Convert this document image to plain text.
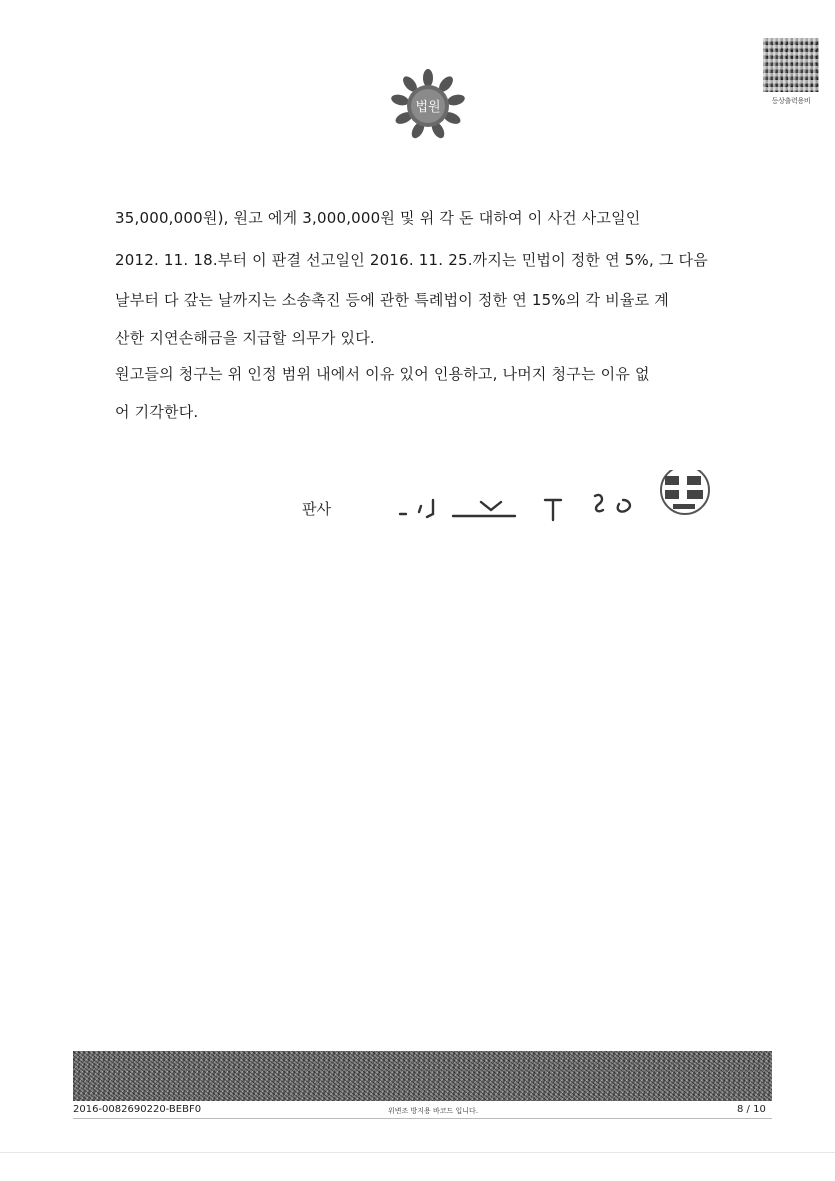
등상출력용비
법원
35,000,000원), 원고 에게 3,000,000원 및 위 각 돈 대하여 이 사건 사고일인
2012. 11. 18.부터 이 판결 선고일인 2016. 11. 25.까지는 민법이 정한 연 5%, 그 다음
날부터 다 갚는 날까지는 소송촉진 등에 관한 특례법이 정한 연 15%의 각 비율로 계
산한 지연손해금을 지급할 의무가 있다.
원고들의 청구는 위 인정 범위 내에서 이유 있어 인용하고, 나머지 청구는 이유 없
어 기각한다.
판사
2016-0082690220-BEBF0	위변조 방지용 바코드 입니다.	8 / 10
